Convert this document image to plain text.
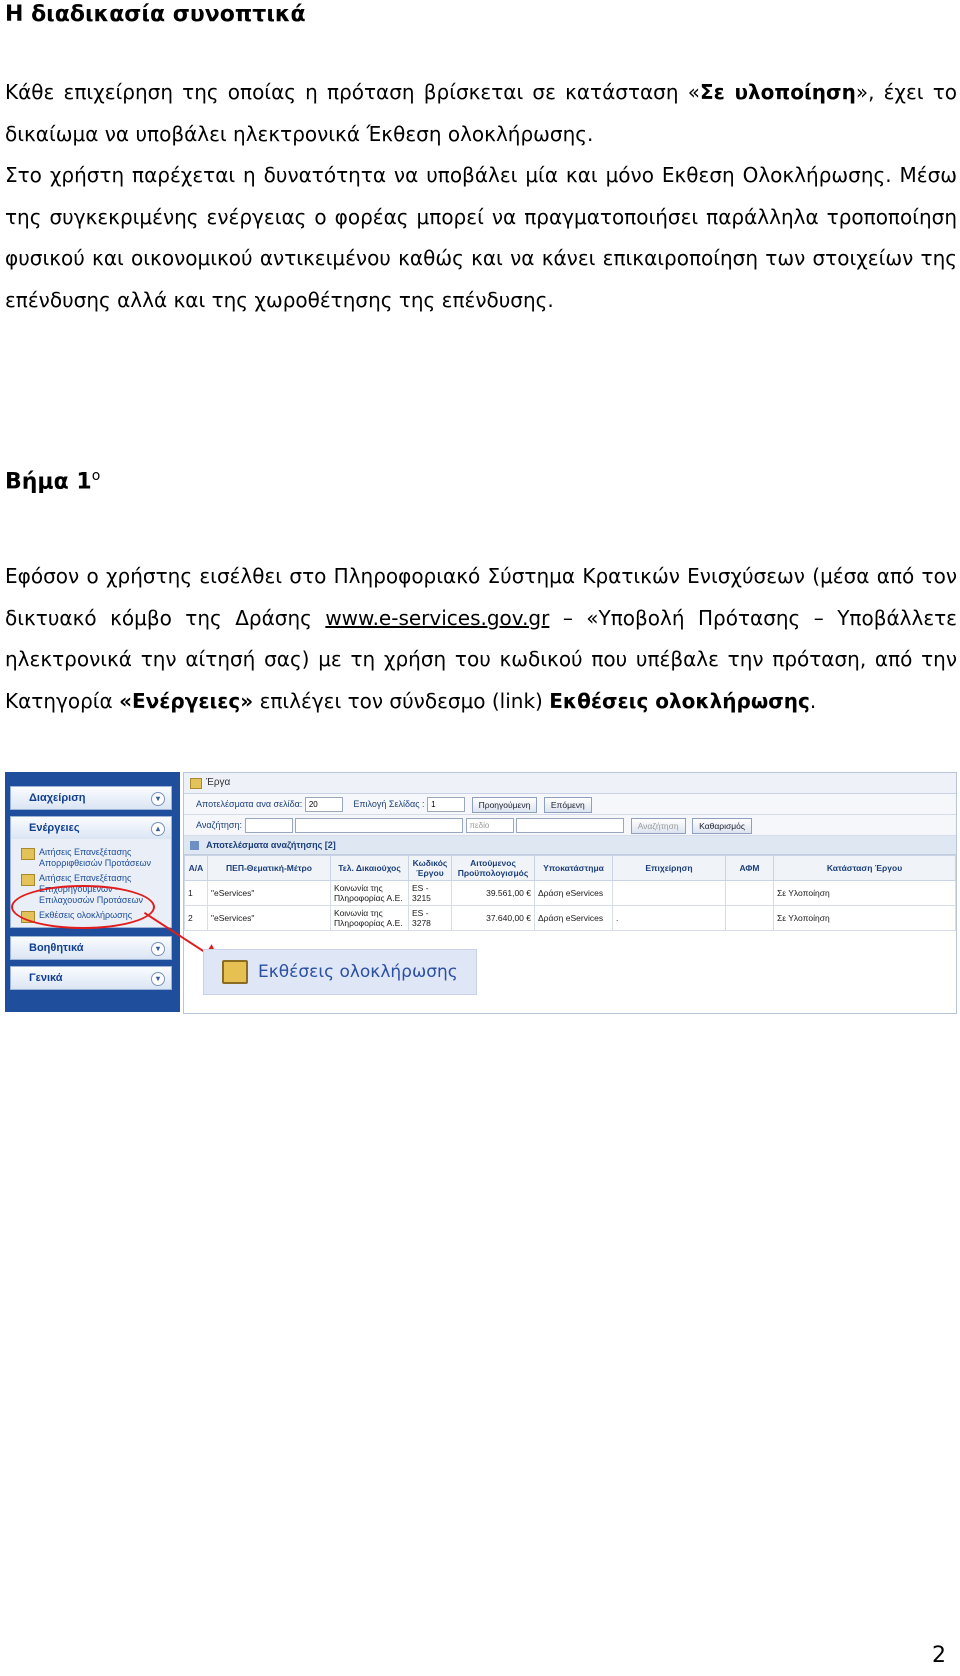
Η διαδικασία συνοπτικά
Κάθε επιχείρηση της οποίας η πρόταση βρίσκεται σε κατάσταση «Σε υλοποίηση», έχει το δικαίωμα να υποβάλει ηλεκτρονικά Έκθεση ολοκλήρωσης.
Στο χρήστη παρέχεται η δυνατότητα να υποβάλει μία και μόνο Εκθεση Ολοκλήρωσης. Μέσω της συγκεκριμένης ενέργειας ο φορέας μπορεί να πραγματοποιήσει παράλληλα τροποποίηση φυσικού και οικονομικού αντικειμένου καθώς και να κάνει επικαιροποίηση των στοιχείων της επένδυσης αλλά και της χωροθέτησης της επένδυσης.
Βήμα $1^o$
Εφόσον ο χρήστης εισέλθει στο Πληροφοριακό Σύστημα Κρατικών Ενισχύσεων (μέσα από τον δικτυακό κόμβο της Δράσης www.e-services.gov.gr – «Υποβολή Πρότασης – Υποβάλλετε ηλεκτρονικά την αίτησή σας) με τη χρήση του κωδικού που υπέβαλε την πρόταση, από την Κατηγορία «Ενέργειες» επιλέγει τον σύνδεσμο (link) Εκθέσεις ολοκλήρωσης.
Διαχείριση	▾
Ενέργειες	▴
Αιτήσεις Επανεξέτασης Απορριφθεισών Προτάσεων
Αιτήσεις Επανεξέτασης Επιχορηγούμενων - Επιλαχουσών Προτάσεων
Εκθέσεις ολοκλήρωσης
Βοηθητικά	▾
Γενικά	▾
Έργα
Αποτελέσματα ανα σελίδα: 20	Επιλογή Σελίδας : 1	Προηγούμενη Επόμενη
Αναζήτηση:	πεδίο	Αναζήτηση Καθαρισμός
Αποτελέσματα αναζήτησης [2]
Α/Α	ΠΕΠ-Θεματική-Μέτρο	Τελ. Δικαιούχος	Κωδικός Έργου	Αιτούμενος Προϋπολογισμός	Υποκατάστημα	Επιχείρηση	ΑΦΜ	Κατάσταση Έργου
1	"eServices"	Κοινωνία της Πληροφορίας Α.Ε.	ES - 3215	39.561,00 €	Δράση eServices			Σε Υλοποίηση
2	"eServices"	Κοινωνία της Πληροφορίας Α.Ε.	ES - 3278	37.640,00 €	Δράση eServices	.		Σε Υλοποίηση
Εκθέσεις ολοκλήρωσης
2
